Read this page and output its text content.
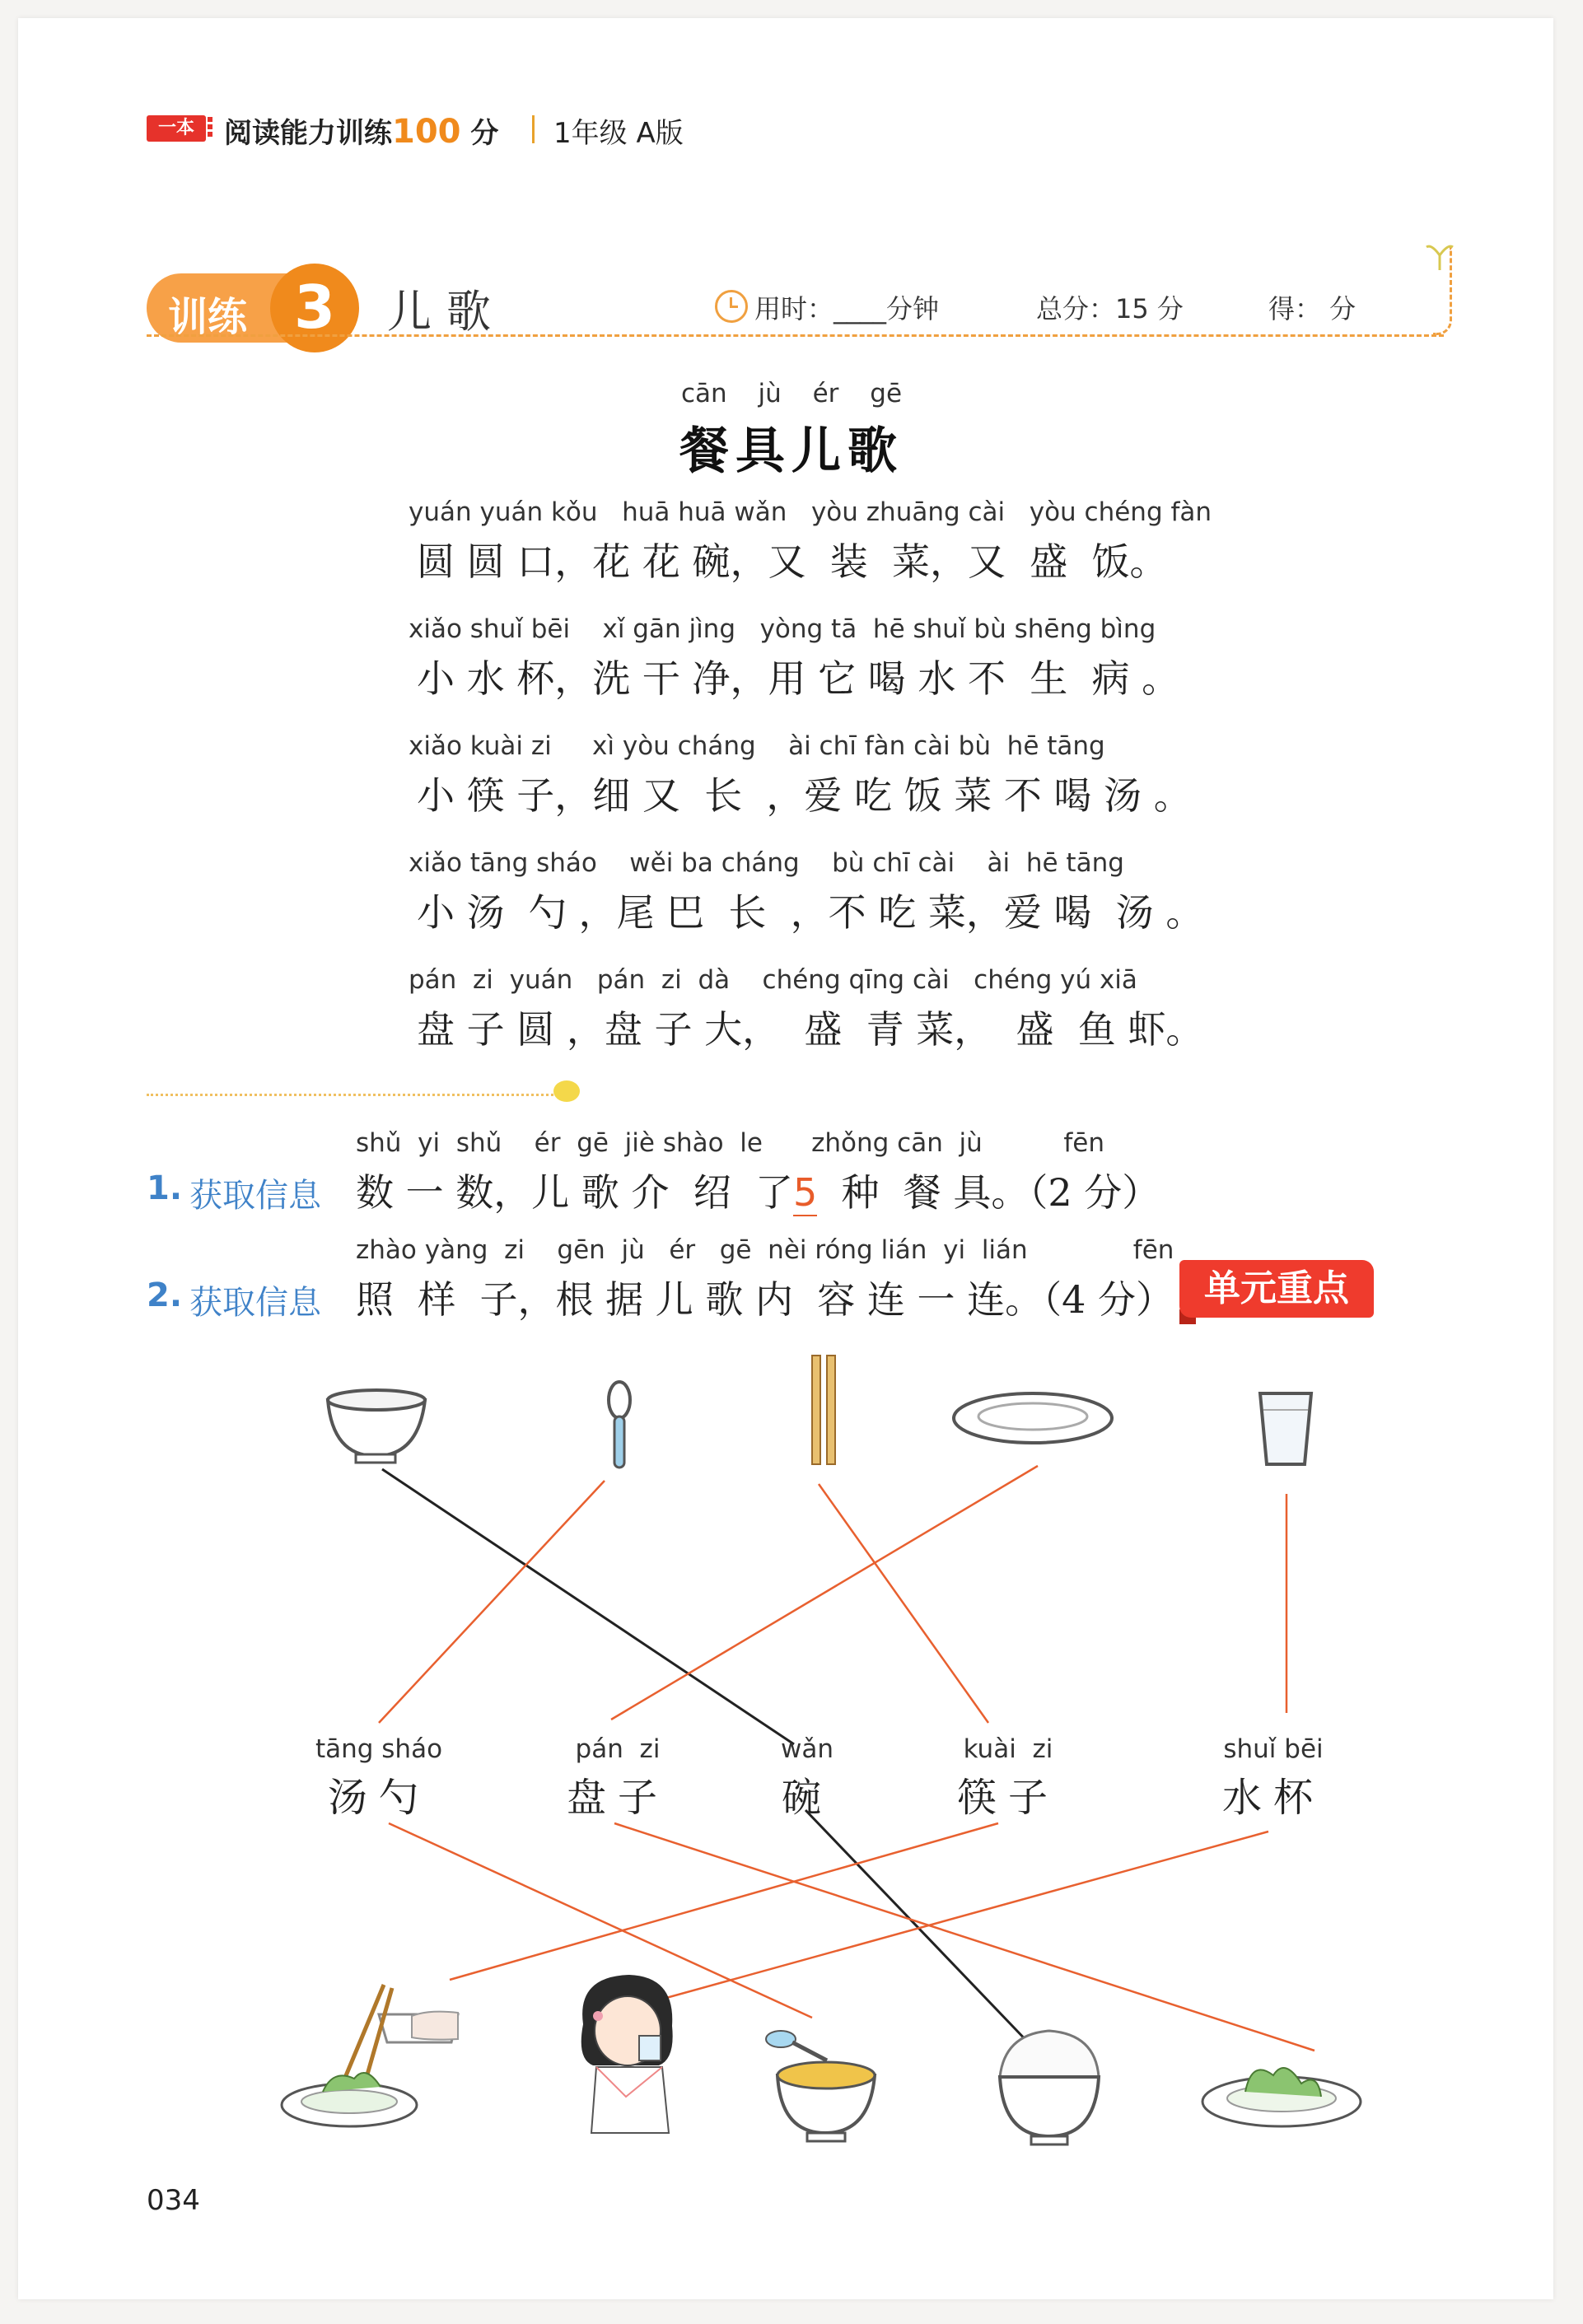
一本	阅读能力训练100 分 1年级 A版
训练 3	儿歌	用时：____分钟	总分：15 分	得： 分
cān jù ér gē
餐具儿歌
yuán yuán kǒu   huā huā wǎn   yòu zhuāng cài   yòu chéng fàn
圆 圆 口，花 花 碗，又  装  菜，又  盛  饭。
xiǎo shuǐ bēi    xǐ gān jìng   yòng tā  hē shuǐ bù shēng bìng
小 水 杯，洗 干 净，用 它 喝 水 不  生  病 。
xiǎo kuài zi     xì yòu cháng    ài chī fàn cài bù  hē tāng
小 筷 子，细 又  长  ，爱 吃 饭 菜 不 喝 汤 。
xiǎo tāng sháo    wěi ba cháng    bù chī cài    ài  hē tāng
小 汤  勺 ，尾 巴  长  ，不 吃 菜，爱 喝  汤 。
pán  zi  yuán   pán  zi  dà    chéng qīng cài   chéng yú xiā
盘 子 圆 ，盘 子 大，  盛  青 菜，  盛  鱼 虾。
shǔ  yi  shǔ    ér  gē  jiè shào  le      zhǒng cān  jù          fēn
1. 获取信息 数 一 数，儿 歌 介  绍  了5  种  餐 具。（2 分）
zhào yàng  zi    gēn  jù   ér   gē  nèi róng lián  yi  lián             fēn
2. 获取信息 照  样  子，根 据 儿 歌 内  容 连 一 连。（4 分） 单元重点
tāng sháo
汤勺
pán  zi
盘子
wǎn
碗
kuài  zi
筷子
shuǐ bēi
水杯
034
